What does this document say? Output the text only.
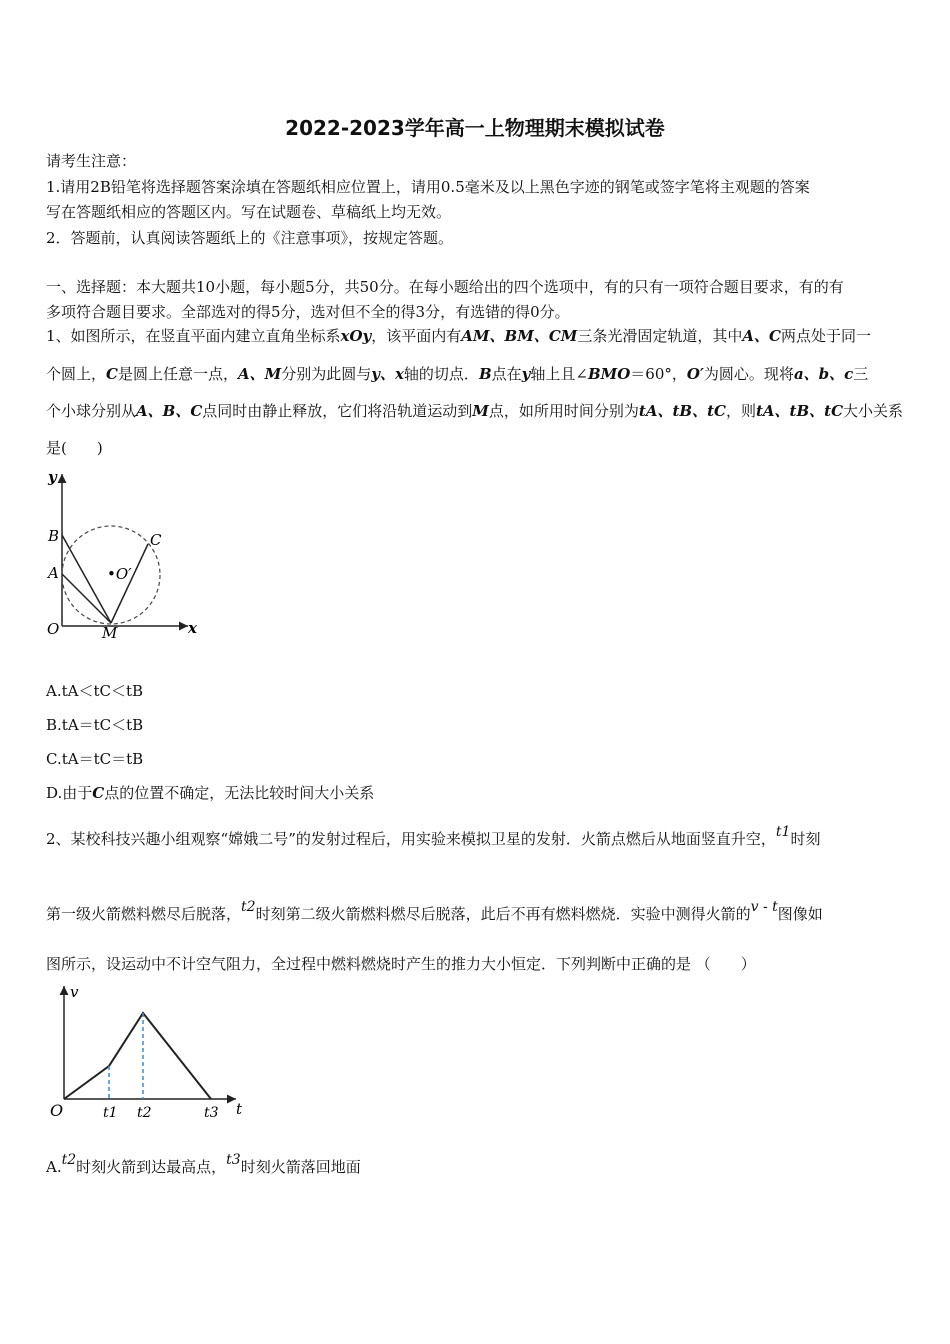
2022-2023学年高一上物理期末模拟试卷
请考生注意：
1.请用2B铅笔将选择题答案涂填在答题纸相应位置上，请用0.5毫米及以上黑色字迹的钢笔或签字笔将主观题的答案
写在答题纸相应的答题区内。写在试题卷、草稿纸上均无效。
2．答题前，认真阅读答题纸上的《注意事项》，按规定答题。
一、选择题：本大题共10小题，每小题5分，共50分。在每小题给出的四个选项中，有的只有一项符合题目要求，有的有
多项符合题目要求。全部选对的得5分，选对但不全的得3分，有选错的得0分。
1、如图所示，在竖直平面内建立直角坐标系xOy，该平面内有AM、BM、CM三条光滑固定轨道，其中A、C两点处于同一
个圆上，C是圆上任意一点，A、M分别为此圆与y、x轴的切点．B点在y轴上且∠BMO＝60°，O′为圆心。现将a、b、c三
个小球分别从A、B、C点同时由静止释放，它们将沿轨道运动到M点，如所用时间分别为tA、tB、tC，则tA、tB、tC大小关系
是(　　)
y
B
A
C
•O′
O	M	x
A.tA＜tC＜tB
B.tA＝tC＜tB
C.tA＝tC＝tB
D.由于C点的位置不确定，无法比较时间大小关系
2、某校科技兴趣小组观察“嫦娥二号”的发射过程后，用实验来模拟卫星的发射．火箭点燃后从地面竖直升空，t1时刻
第一级火箭燃料燃尽后脱落，t2时刻第二级火箭燃料燃尽后脱落，此后不再有燃料燃烧．实验中测得火箭的v - t图像如
图所示，设运动中不计空气阻力，全过程中燃料燃烧时产生的推力大小恒定．下列判断中正确的是 （　　）
v
O	t1 t2	t3 t
A.t2时刻火箭到达最高点，t3时刻火箭落回地面
